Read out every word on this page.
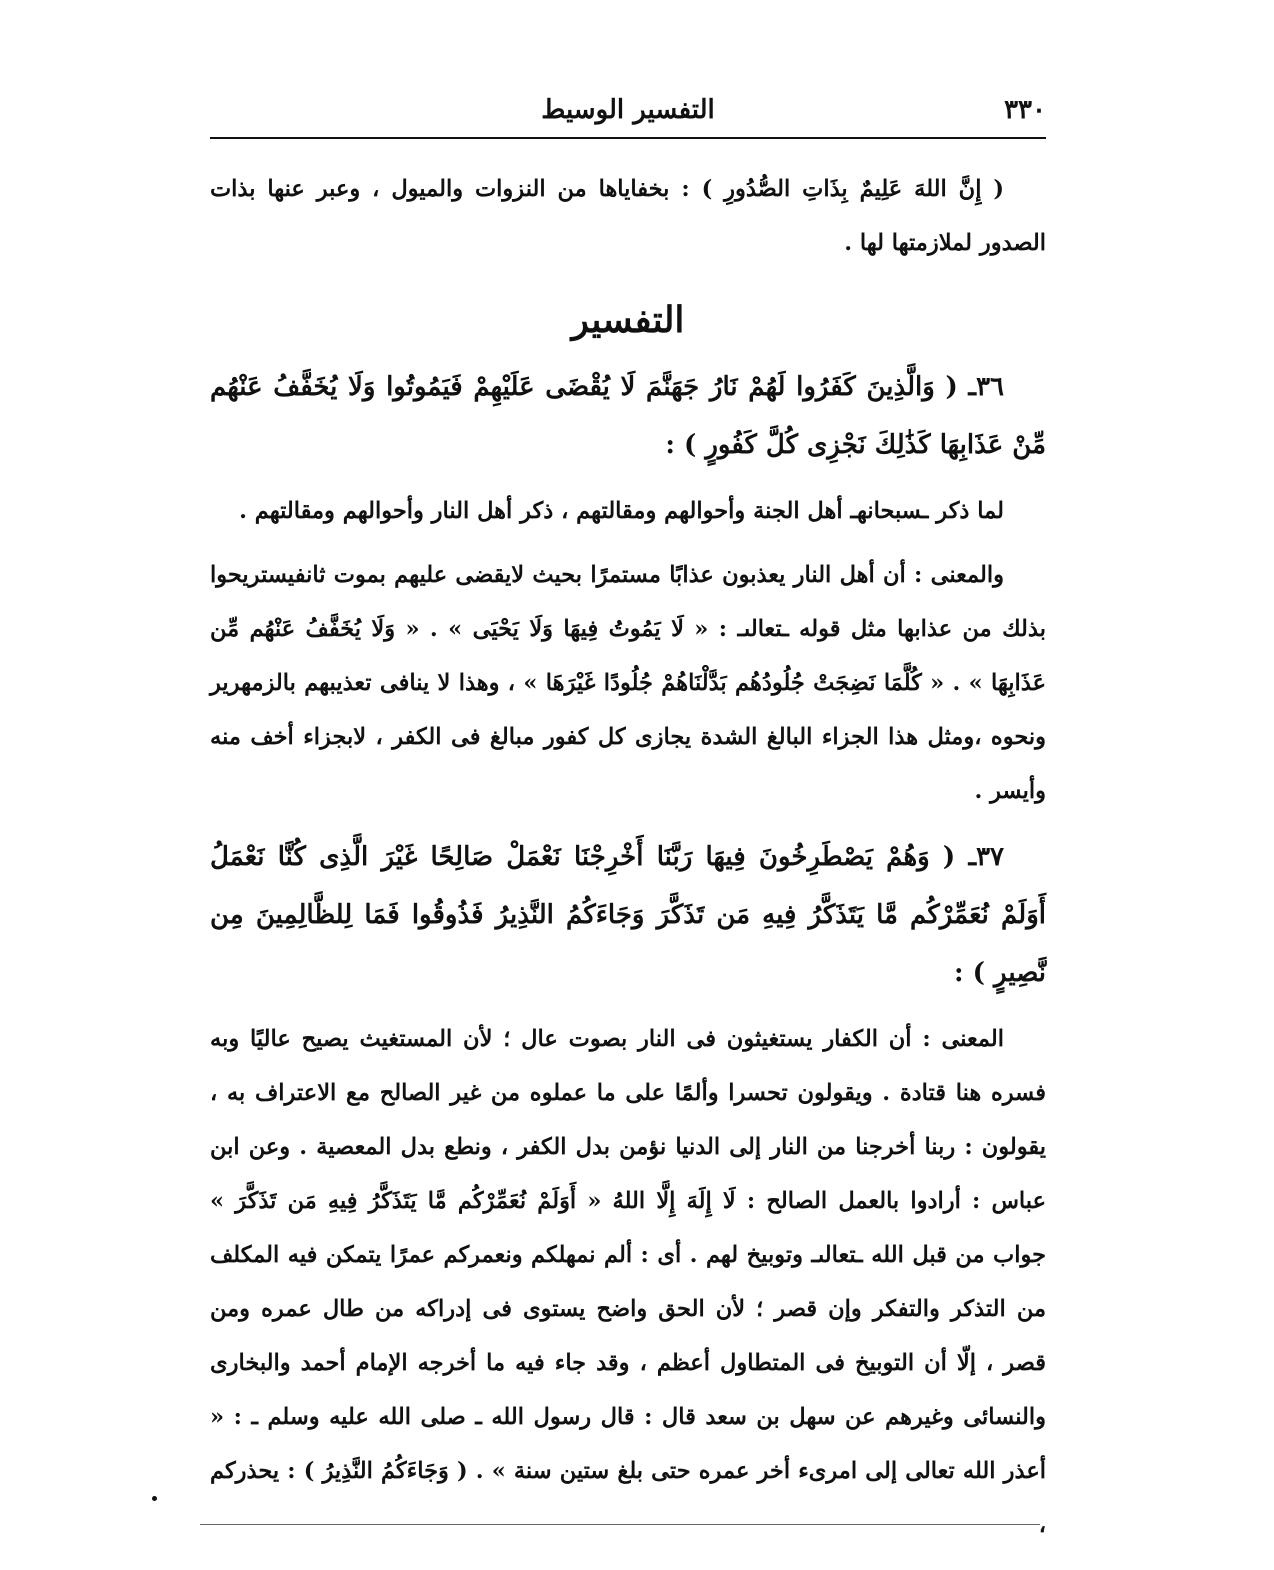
٣٣٠
التفسير الوسيط

( إِنَّ اللهَ عَلِيمٌ بِذَاتِ الصُّدُورِ ) : بخفاياها من النزوات والميول ، وعبر عنها بذات الصدور لملازمتها لها .

التفسير

٣٦ـ ( وَالَّذِينَ كَفَرُوا لَهُمْ نَارُ جَهَنَّمَ لَا يُقْضَى عَلَيْهِمْ فَيَمُوتُوا وَلَا يُخَفَّفُ عَنْهُم مِّنْ عَذَابِهَا كَذَٰلِكَ نَجْزِى كُلَّ كَفُورٍ ) :

لما ذكر ـسبحانهـ أهل الجنة وأحوالهم ومقالتهم ، ذكر أهل النار وأحوالهم ومقالتهم .

والمعنى : أن أهل النار يعذبون عذابًا مستمرًا بحيث لايقضى عليهم بموت ثانفيستريحوا بذلك من عذابها مثل قوله ـتعالىـ : « لَا يَمُوتُ فِيهَا وَلَا يَحْيَى » . « وَلَا يُخَفَّفُ عَنْهُم مِّن عَذَابِهَا » . « كُلَّمَا نَضِجَتْ جُلُودُهُم بَدَّلْنَاهُمْ جُلُودًا غَيْرَهَا » ، وهذا لا ينافى تعذيبهم بالزمهرير ونحوه ،ومثل هذا الجزاء البالغ الشدة يجازى كل كفور مبالغ فى الكفر ، لابجزاء أخف منه وأيسر .

٣٧ـ ( وَهُمْ يَصْطَرِخُونَ فِيهَا رَبَّنَا أَخْرِجْنَا نَعْمَلْ صَالِحًا غَيْرَ الَّذِى كُنَّا نَعْمَلُ أَوَلَمْ نُعَمِّرْكُم مَّا يَتَذَكَّرُ فِيهِ مَن تَذَكَّرَ وَجَاءَكُمُ النَّذِيرُ فَذُوقُوا فَمَا لِلظَّالِمِينَ مِن نَّصِيرٍ ) :

المعنى : أن الكفار يستغيثون فى النار بصوت عال ؛ لأن المستغيث يصيح عاليًا وبه فسره هنا قتادة . ويقولون تحسرا وألمًا على ما عملوه من غير الصالح مع الاعتراف به ، يقولون : ربنا أخرجنا من النار إلى الدنيا نؤمن بدل الكفر ، ونطع بدل المعصية . وعن ابن عباس : أرادوا بالعمل الصالح : لَا إِلَهَ إِلَّا اللهُ « أَوَلَمْ نُعَمِّرْكُم مَّا يَتَذَكَّرُ فِيهِ مَن تَذَكَّرَ » جواب من قبل الله ـتعالىـ وتوبيخ لهم . أى : ألم نمهلكم ونعمركم عمرًا يتمكن فيه المكلف من التذكر والتفكر وإن قصر ؛ لأن الحق واضح يستوى فى إدراكه من طال عمره ومن قصر ، إلّا أن التوبيخ فى المتطاول أعظم ، وقد جاء فيه ما أخرجه الإمام أحمد والبخارى والنسائى وغيرهم عن سهل بن سعد قال : قال رسول الله ـ صلى الله عليه وسلم ـ : « أعذر الله تعالى إلى امرىء أخر عمره حتى بلغ ستين سنة » . ( وَجَاءَكُمُ النَّذِيرُ ) : يحذركم ،
